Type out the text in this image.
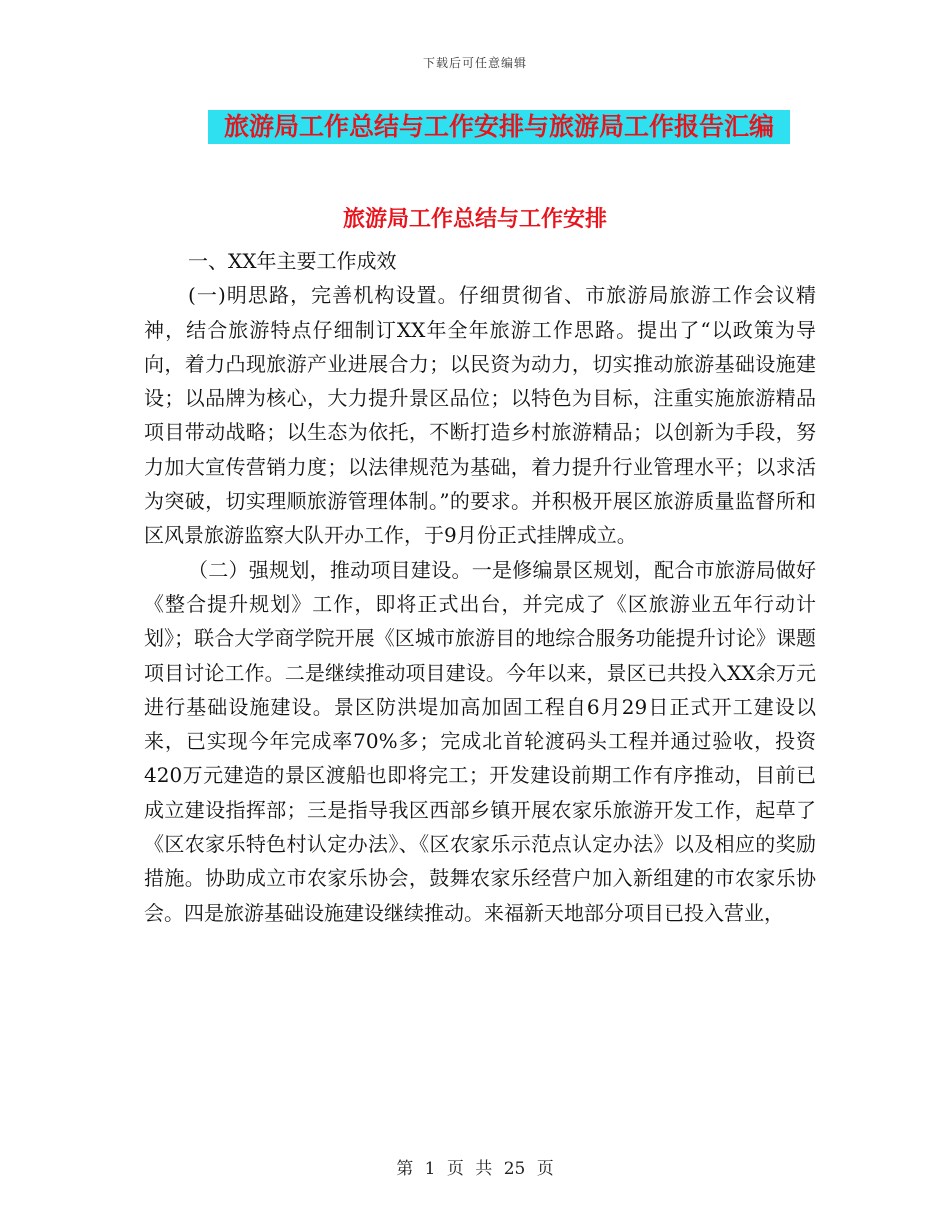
下载后可任意编辑
旅游局工作总结与工作安排与旅游局工作报告汇编
旅游局工作总结与工作安排

一、XX年主要工作成效

(一)明思路，完善机构设置。仔细贯彻省、市旅游局旅游工作会议精神，结合旅游特点仔细制订XX年全年旅游工作思路。提出了“以政策为导向，着力凸现旅游产业进展合力；以民资为动力，切实推动旅游基础设施建设；以品牌为核心，大力提升景区品位；以特色为目标，注重实施旅游精品项目带动战略；以生态为依托，不断打造乡村旅游精品；以创新为手段，努力加大宣传营销力度；以法律规范为基础，着力提升行业管理水平；以求活为突破，切实理顺旅游管理体制。”的要求。并积极开展区旅游质量监督所和区风景旅游监察大队开办工作，于9月份正式挂牌成立。

（二）强规划，推动项目建设。一是修编景区规划，配合市旅游局做好《整合提升规划》工作，即将正式出台，并完成了《区旅游业五年行动计划》；联合大学商学院开展《区城市旅游目的地综合服务功能提升讨论》课题项目讨论工作。二是继续推动项目建设。今年以来，景区已共投入XX余万元进行基础设施建设。景区防洪堤加高加固工程自6月29日正式开工建设以来，已实现今年完成率70%多；完成北首轮渡码头工程并通过验收，投资420万元建造的景区渡船也即将完工；开发建设前期工作有序推动，目前已成立建设指挥部；三是指导我区西部乡镇开展农家乐旅游开发工作，起草了《区农家乐特色村认定办法》、《区农家乐示范点认定办法》以及相应的奖励措施。协助成立市农家乐协会，鼓舞农家乐经营户加入新组建的市农家乐协会。四是旅游基础设施建设继续推动。来福新天地部分项目已投入营业，

第 1 页 共 25 页
